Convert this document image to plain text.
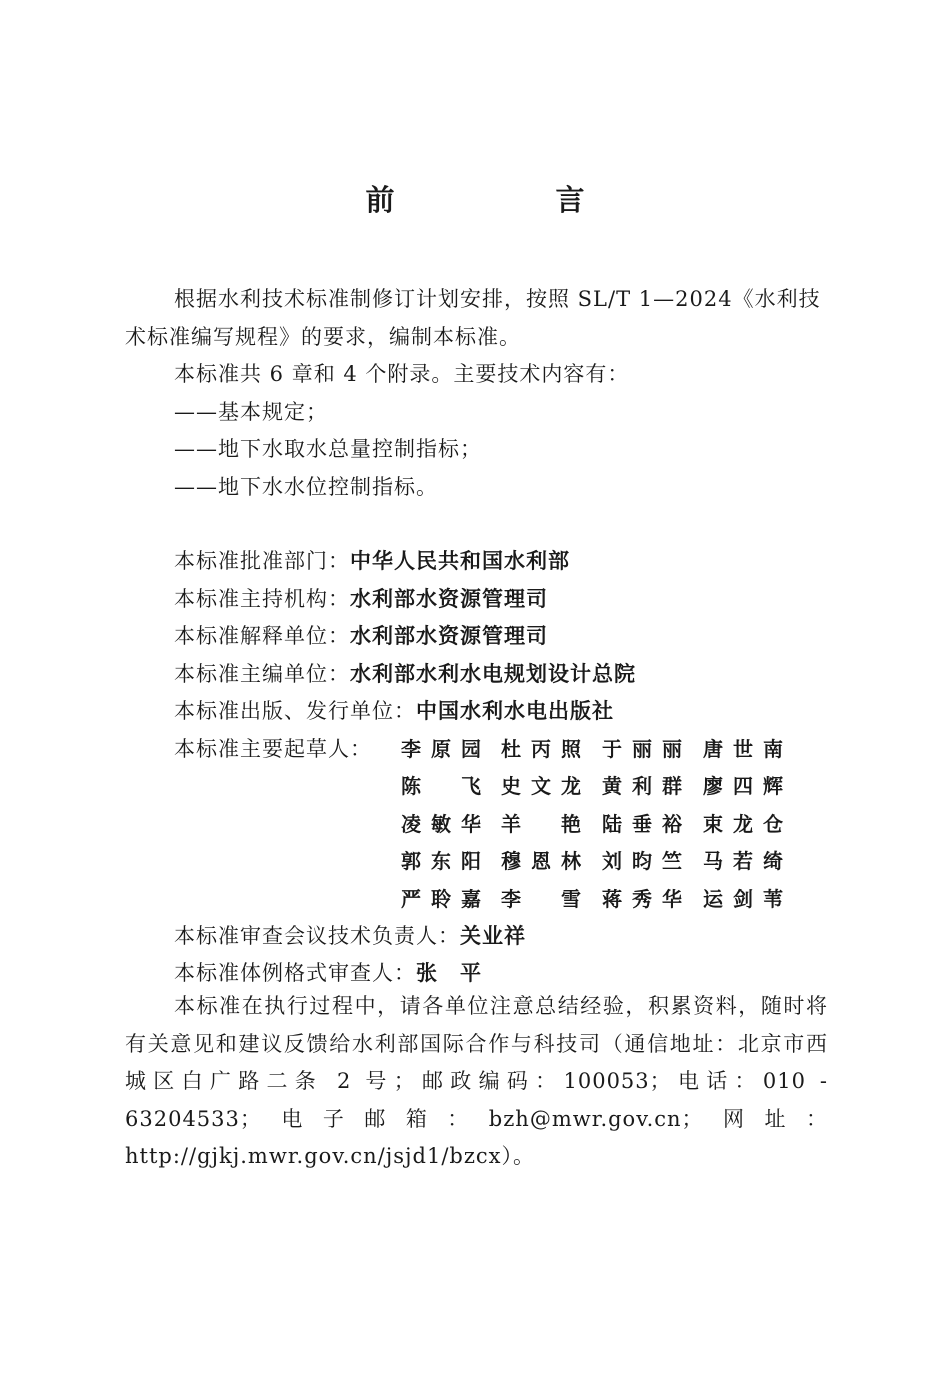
前　言
根据水利技术标准制修订计划安排，按照 SL/T 1—2024《水利技术标准编写规程》的要求，编制本标准。
本标准共 6 章和 4 个附录。主要技术内容有：
——基本规定；
——地下水取水总量控制指标；
——地下水水位控制指标。
本标准批准部门：中华人民共和国水利部
本标准主持机构：水利部水资源管理司
本标准解释单位：水利部水资源管理司
本标准主编单位：水利部水利水电规划设计总院
本标准出版、发行单位：中国水利水电出版社
本标准主要起草人： 李原园 杜丙照 于丽丽 唐世南
陈　飞 史文龙 黄利群 廖四辉
凌敏华 羊　艳 陆垂裕 束龙仓
郭东阳 穆恩林 刘昀竺 马若绮
严聆嘉 李　雪 蒋秀华 运剑苇
本标准审查会议技术负责人：关业祥
本标准体例格式审查人：张　平
本标准在执行过程中，请各单位注意总结经验，积累资料，随时将有关意见和建议反馈给水利部国际合作与科技司（通信地址：北京市西城区白广路二条 2 号；邮政编码：100053；电话：010 - 63204533；电子邮箱：bzh@mwr.gov.cn；网址：http://gjkj.mwr.gov.cn/jsjd1/bzcx）。
